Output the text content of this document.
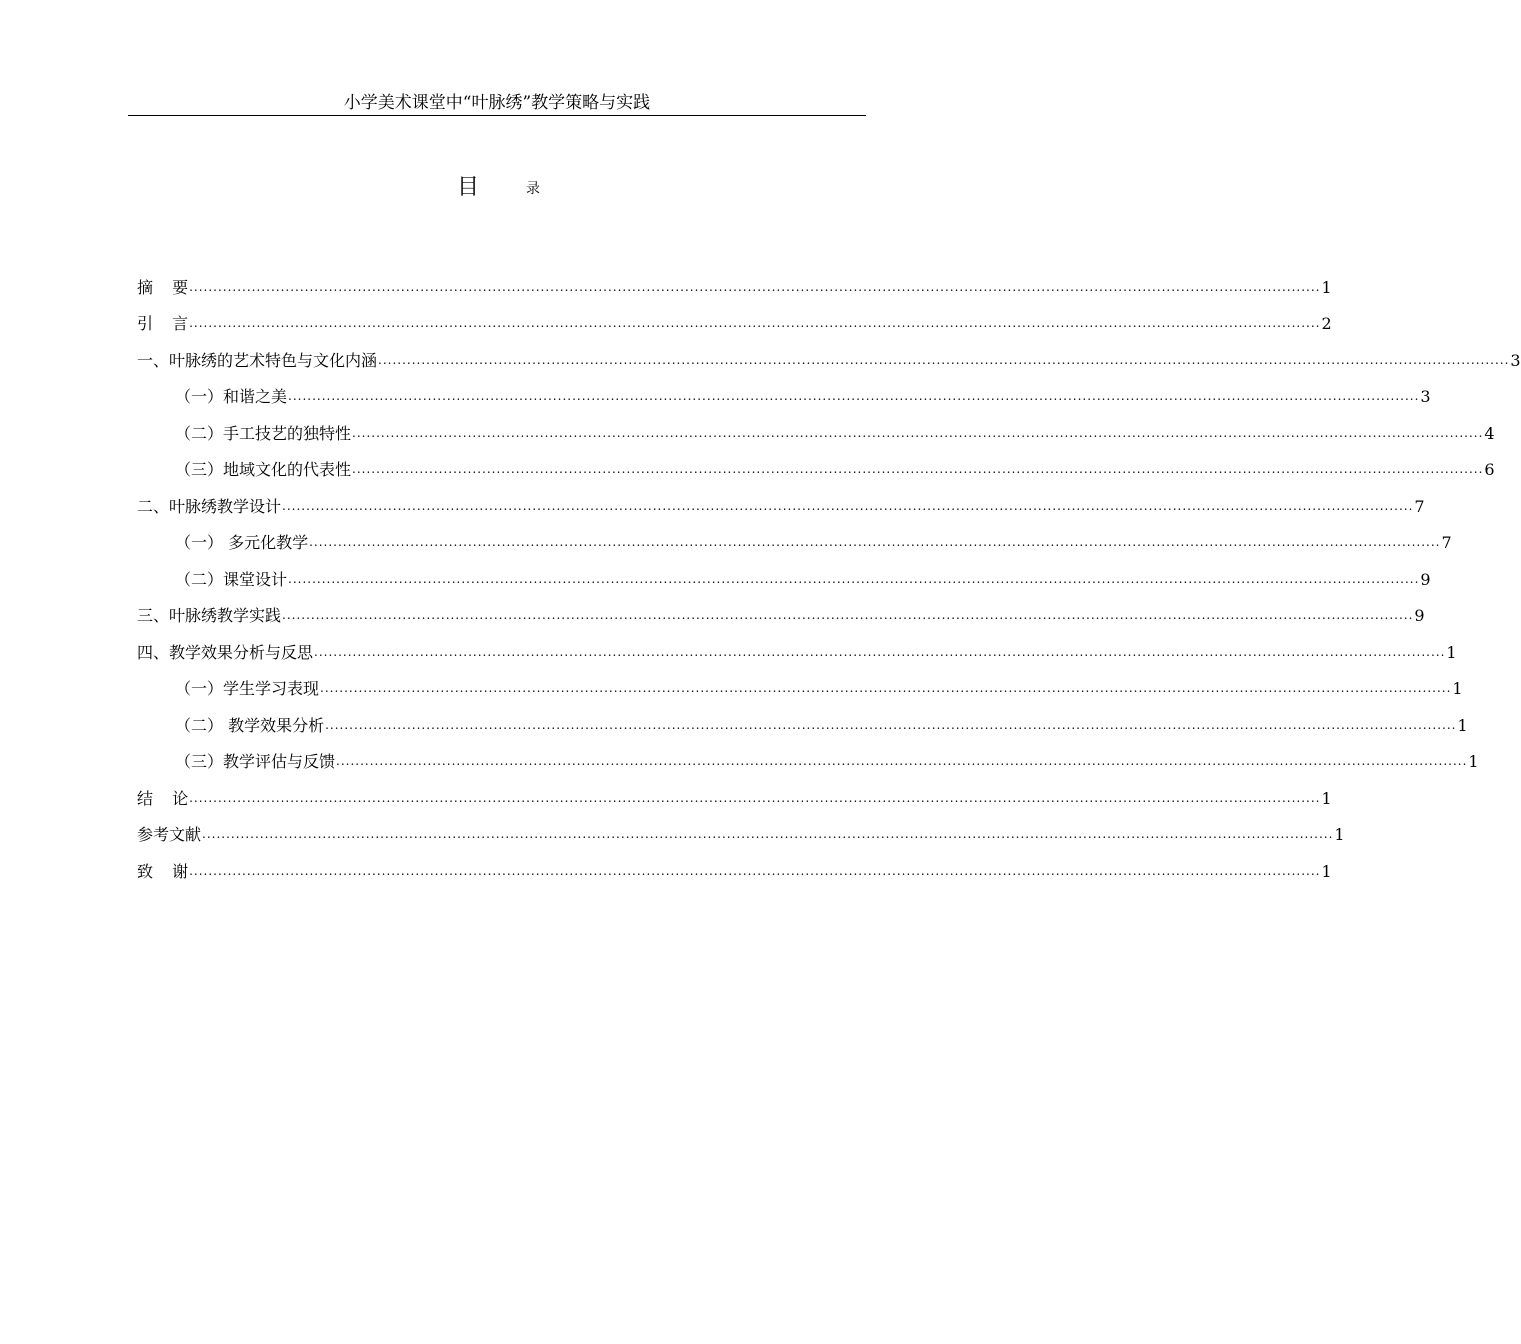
小学美术课堂中“叶脉绣”教学策略与实践
目	录
摘 要 ........................................................................................................................................................................................................................................... 1
引 言 ........................................................................................................................................................................................................................................... 2
一、叶脉绣的艺术特色与文化内涵 ........................................................................................................................................................................................................................................... 3
（一）和谐之美 ........................................................................................................................................................................................................................................... 3
（二）手工技艺的独特性 ........................................................................................................................................................................................................................................... 4
（三）地域文化的代表性 ........................................................................................................................................................................................................................................... 6
二、叶脉绣教学设计 ........................................................................................................................................................................................................................................... 7
（一） 多元化教学 ........................................................................................................................................................................................................................................... 7
（二）课堂设计 ........................................................................................................................................................................................................................................... 9
三、叶脉绣教学实践 ........................................................................................................................................................................................................................................... 9
四、教学效果分析与反思 ........................................................................................................................................................................................................................................... 1
（一）学生学习表现 ........................................................................................................................................................................................................................................... 1
（二） 教学效果分析 ........................................................................................................................................................................................................................................... 1
（三）教学评估与反馈 ........................................................................................................................................................................................................................................... 1
结 论 ........................................................................................................................................................................................................................................... 1
参考文献 ........................................................................................................................................................................................................................................... 1
致 谢 ........................................................................................................................................................................................................................................... 1
